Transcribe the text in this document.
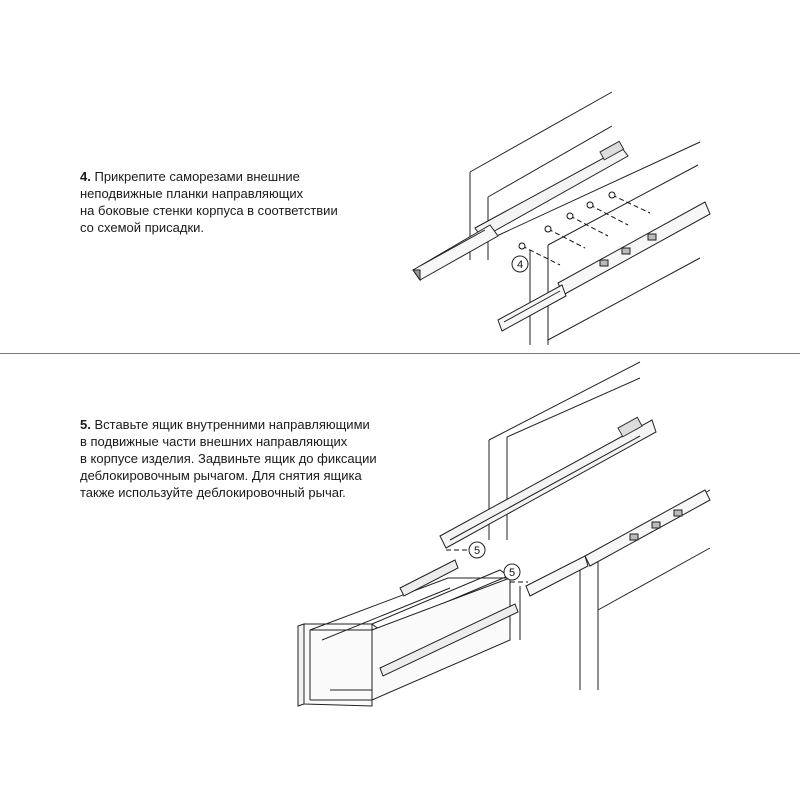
4. Прикрепите саморезами внешние
неподвижные планки направляющих
на боковые стенки корпуса в соответствии
со схемой присадки.
5. Вставьте ящик внутренними направляющими
в подвижные части внешних направляющих
в корпусе изделия. Задвиньте ящик до фиксации
деблокировочным рычагом. Для снятия ящика
также используйте деблокировочный рычаг.
4
5
5
